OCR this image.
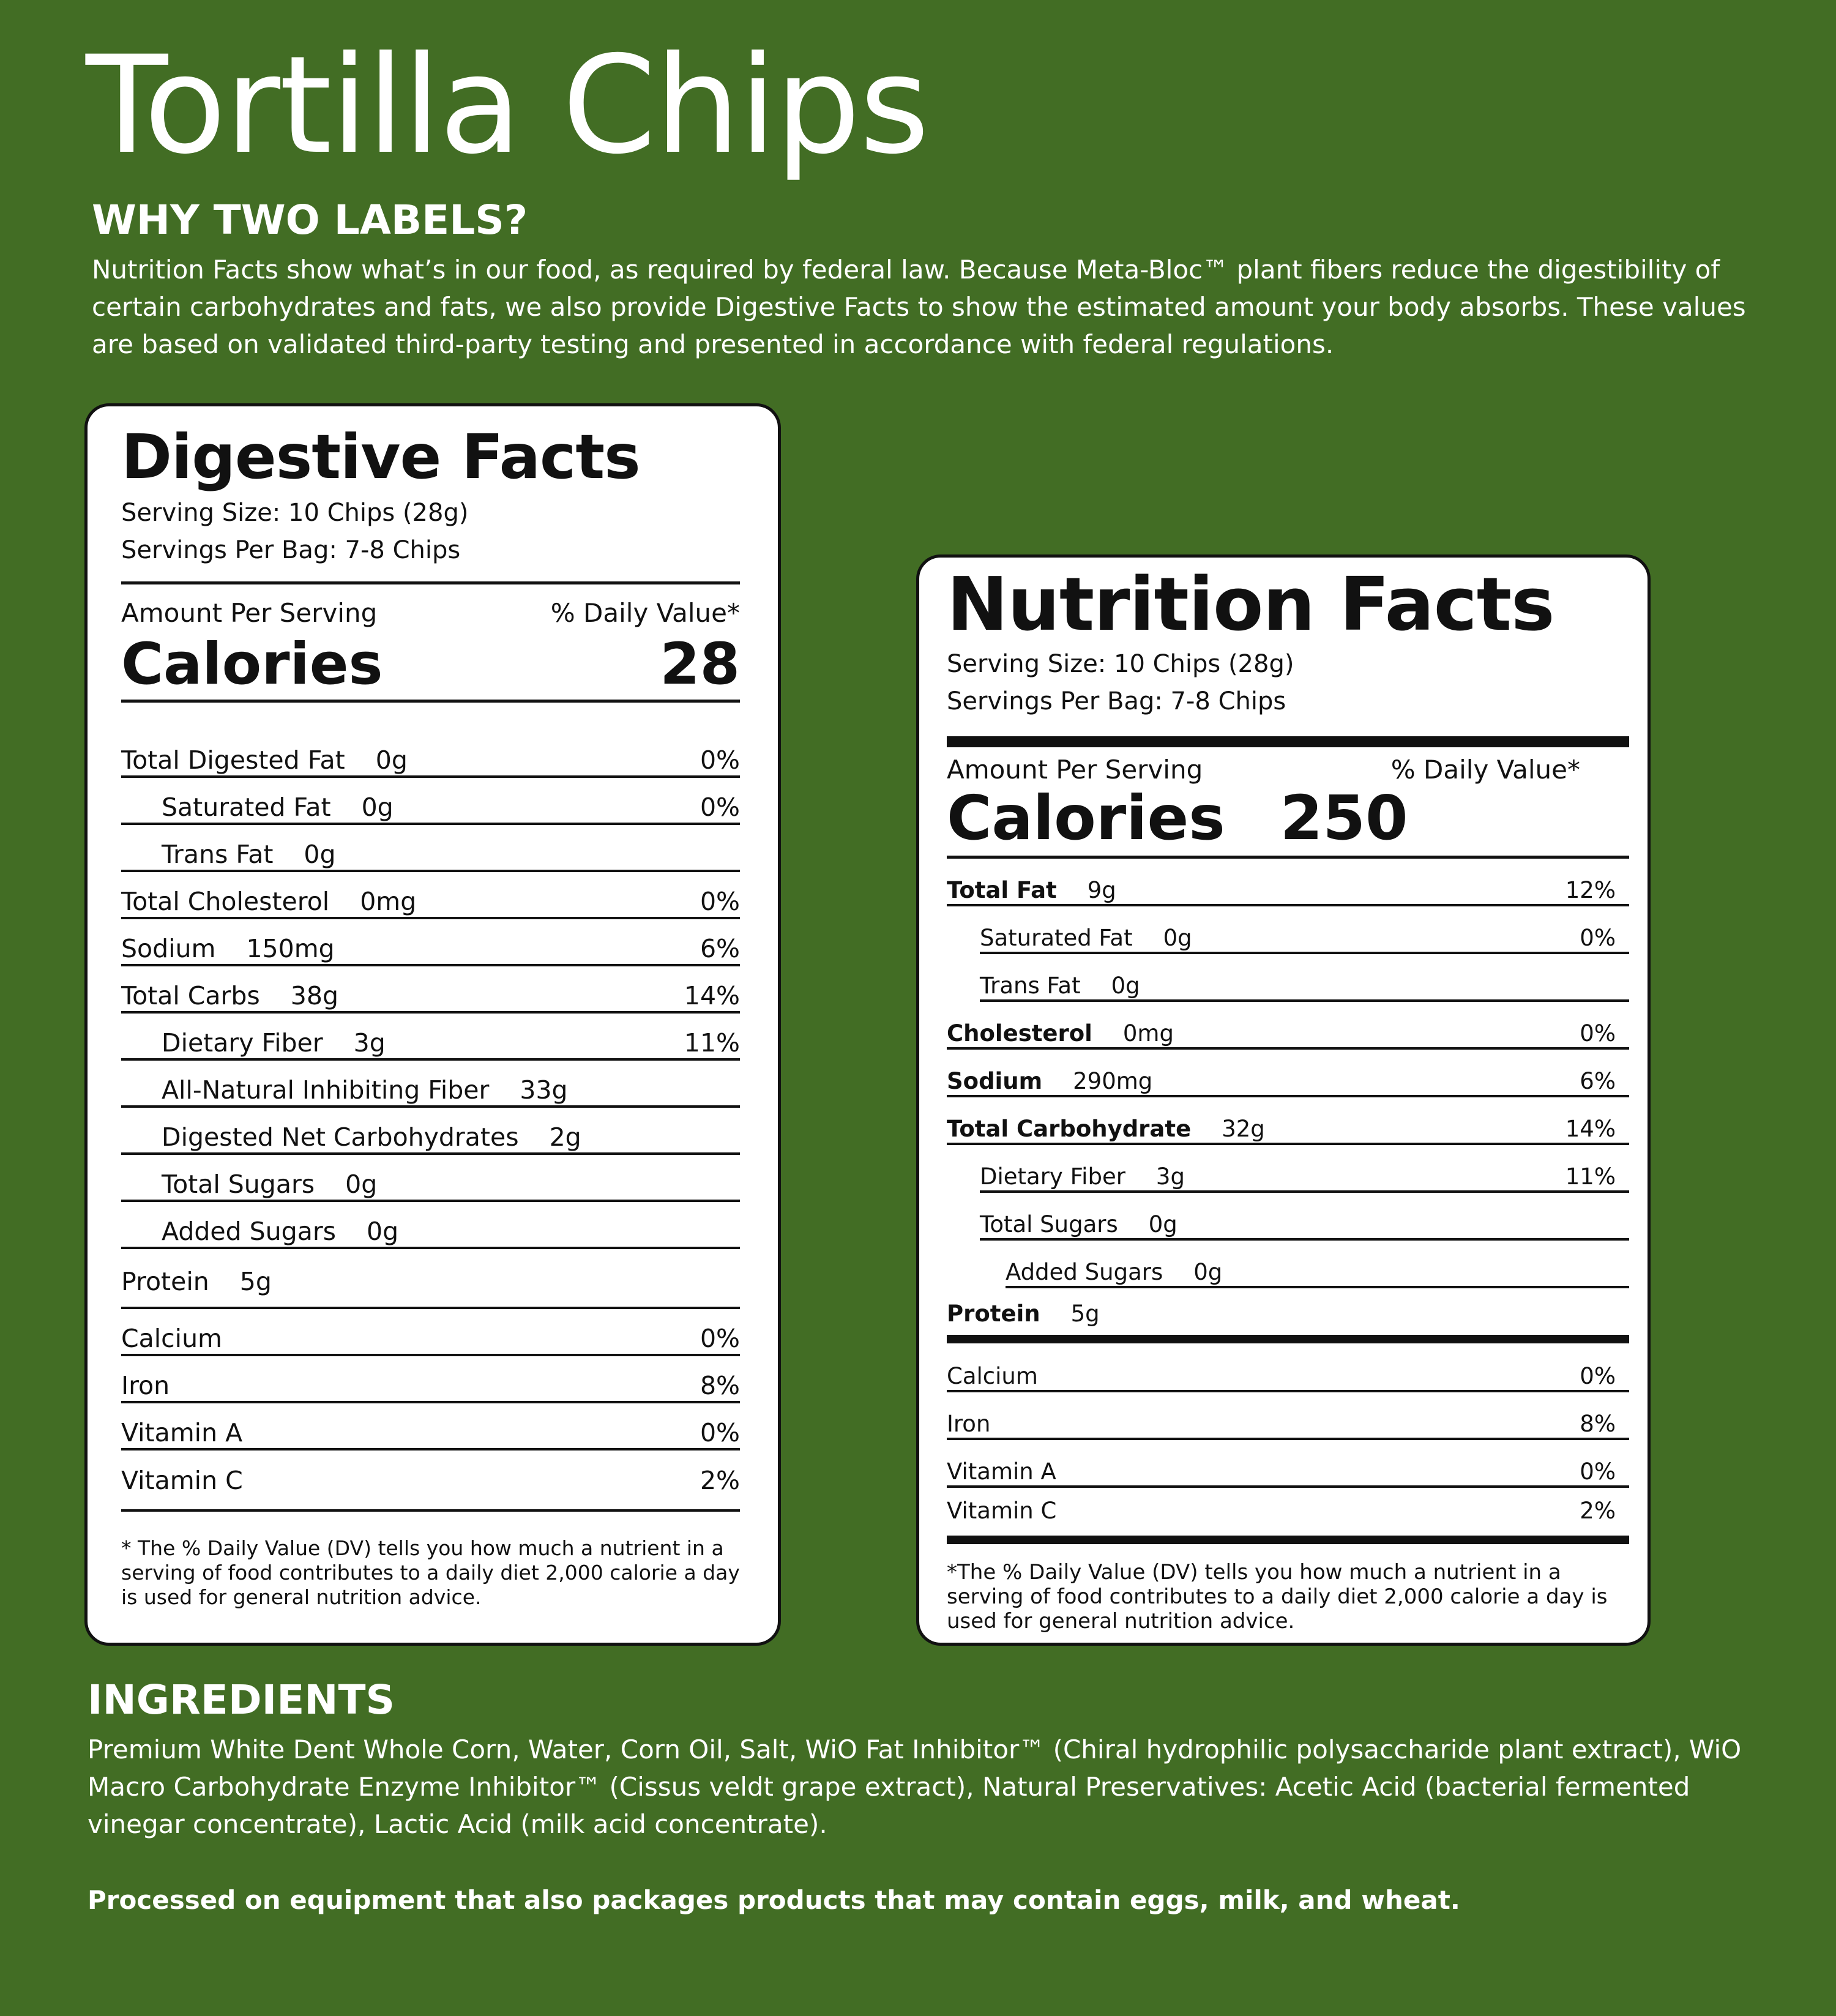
Tortilla Chips
WHY TWO LABELS?

Nutrition Facts show what’s in our food, as required by federal law. Because Meta-Bloc™ plant fibers reduce the digestibility of certain carbohydrates and fats, we also provide Digestive Facts to show the estimated amount your body absorbs. These values are based on validated third-party testing and presented in accordance with federal regulations.

Digestive Facts
Serving Size: 10 Chips (28g)
Servings Per Bag: 7-8 Chips
Amount Per Serving	% Daily Value*
Calories	28
Total Digested Fat 0g	0%
Saturated Fat 0g	0%
Trans Fat 0g
Total Cholesterol 0mg	0%
Sodium 150mg	6%
Total Carbs 38g	14%
Dietary Fiber 3g	11%
All-Natural Inhibiting Fiber 33g
Digested Net Carbohydrates 2g
Total Sugars 0g
Added Sugars 0g
Protein 5g
Calcium	0%
Iron	8%
Vitamin A	0%
Vitamin C	2%

* The % Daily Value (DV) tells you how much a nutrient in a serving of food contributes to a daily diet 2,000 calorie a day is used for general nutrition advice.

Nutrition Facts
Serving Size: 10 Chips (28g)
Servings Per Bag: 7-8 Chips
Amount Per Serving	% Daily Value*
Calories 250
Total Fat 9g	12%
Saturated Fat 0g	0%
Trans Fat 0g
Cholesterol 0mg	0%
Sodium 290mg	6%
Total Carbohydrate 32g	14%
Dietary Fiber 3g	11%
Total Sugars 0g
Added Sugars 0g
Protein 5g
Calcium	0%
Iron	8%
Vitamin A	0%
Vitamin C	2%

*The % Daily Value (DV) tells you how much a nutrient in a serving of food contributes to a daily diet 2,000 calorie a day is used for general nutrition advice.

INGREDIENTS

Premium White Dent Whole Corn, Water, Corn Oil, Salt, WiO Fat Inhibitor™ (Chiral hydrophilic polysaccharide plant extract), WiO Macro Carbohydrate Enzyme Inhibitor™ (Cissus veldt grape extract), Natural Preservatives: Acetic Acid (bacterial fermented vinegar concentrate), Lactic Acid (milk acid concentrate).

Processed on equipment that also packages products that may contain eggs, milk, and wheat.
